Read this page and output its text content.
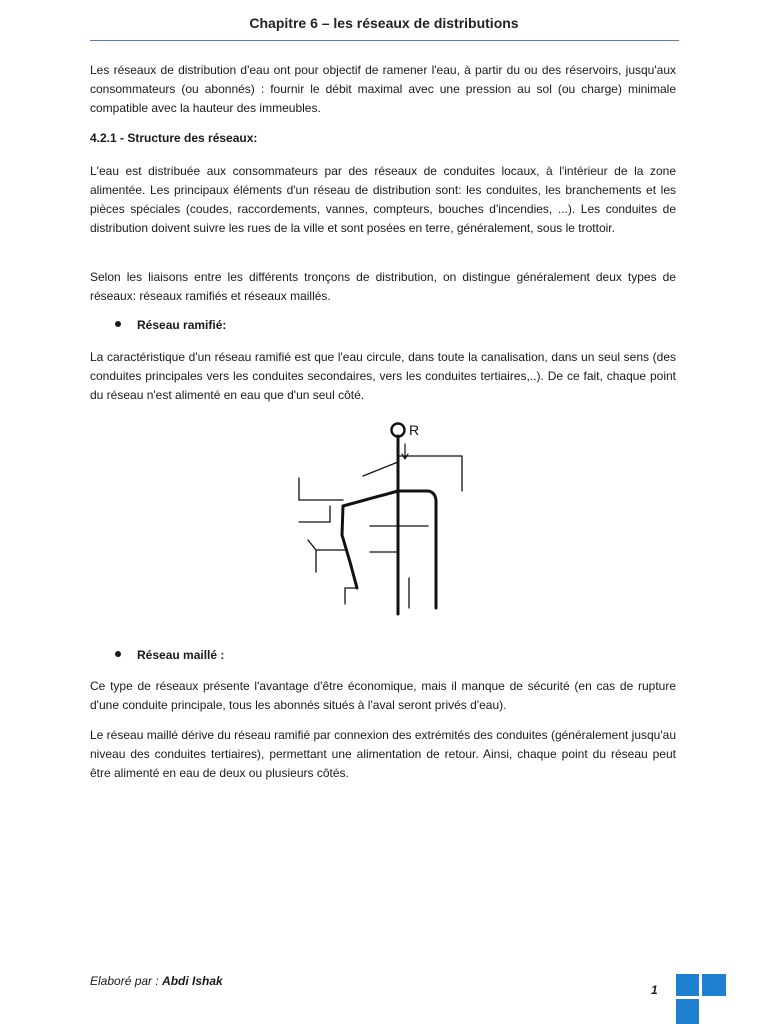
Chapitre 6 – les réseaux de distributions

Les réseaux de distribution d'eau ont pour objectif de ramener l'eau, à partir du ou des réservoirs, jusqu'aux consommateurs (ou abonnés) : fournir le débit maximal avec une pression au sol (ou charge) minimale compatible avec la hauteur des immeubles.

4.2.1 - Structure des réseaux:

L'eau est distribuée aux consommateurs par des réseaux de conduites locaux, à l'intérieur de la zone alimentée. Les principaux éléments d'un réseau de distribution sont: les conduites, les branchements et les pièces spéciales (coudes, raccordements, vannes, compteurs, bouches d'incendies, ...). Les conduites de distribution doivent suivre les rues de la ville et sont posées en terre, généralement, sous le trottoir.

Selon les liaisons entre les différents tronçons de distribution, on distingue généralement deux types de réseaux: réseaux ramifiés et réseaux maillés.

Réseau ramifié:

La caractéristique d'un réseau ramifié est que l'eau circule, dans toute la canalisation, dans un seul sens (des conduites principales vers les conduites secondaires, vers les conduites tertiaires,..). De ce fait, chaque point du réseau n'est alimenté en eau que d'un seul côté.

R
Réseau maillé :

Ce type de réseaux présente l'avantage d'être économique, mais il manque de sécurité (en cas de rupture d'une conduite principale, tous les abonnés situés à l'aval seront privés d'eau).

Le réseau maillé dérive du réseau ramifié par connexion des extrémités des conduites (généralement jusqu'au niveau des conduites tertiaires), permettant une alimentation de retour. Ainsi, chaque point du réseau peut être alimenté en eau de deux ou plusieurs côtés.

Elaboré par : Abdi Ishak
1
